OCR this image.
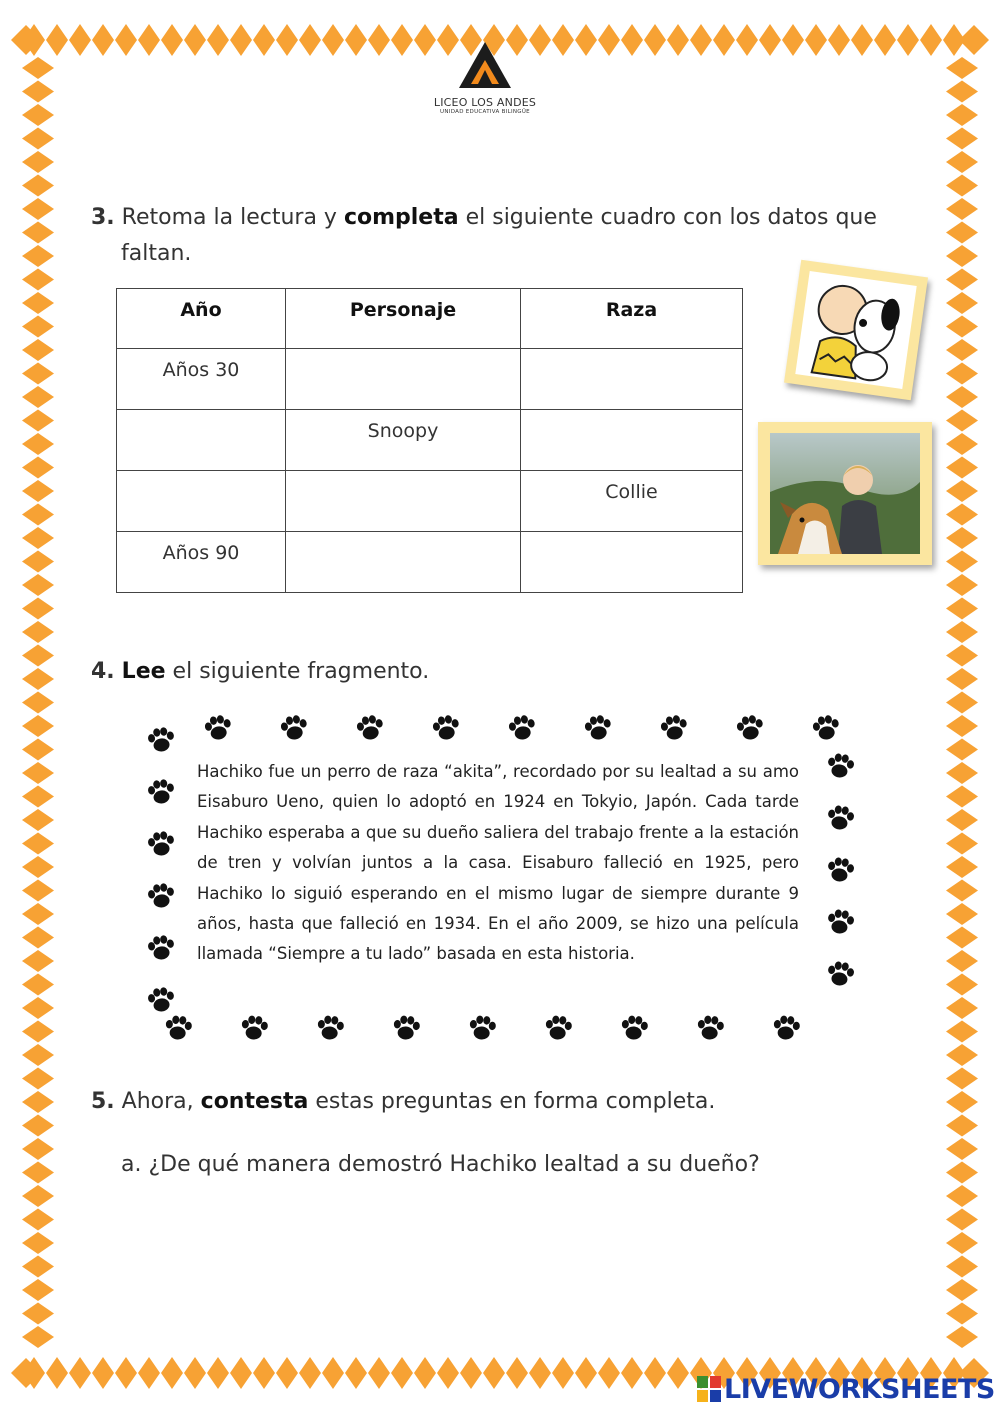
LICEO LOS ANDES
UNIDAD EDUCATIVA BILINGÜE
3. Retoma la lectura y completa el siguiente cuadro con los datos que
faltan.
Año	Personaje	Raza
Años 30		
	Snoopy	
		Collie
Años 90		
4. Lee el siguiente fragmento.
Hachiko fue un perro de raza “akita”, recordado por su lealtad a su amo Eisaburo Ueno, quien lo adoptó en 1924 en Tokyio, Japón. Cada tarde Hachiko esperaba a que su dueño saliera del trabajo frente a la estación de tren y volvían juntos a la casa. Eisaburo falleció en 1925, pero Hachiko lo siguió esperando en el mismo lugar de siempre durante 9 años, hasta que falleció en 1934. En el año 2009, se hizo una película llamada “Siempre a tu lado” basada en esta historia.
5. Ahora, contesta estas preguntas en forma completa.
a. ¿De qué manera demostró Hachiko lealtad a su dueño?
LIVEWORKSHEETS
